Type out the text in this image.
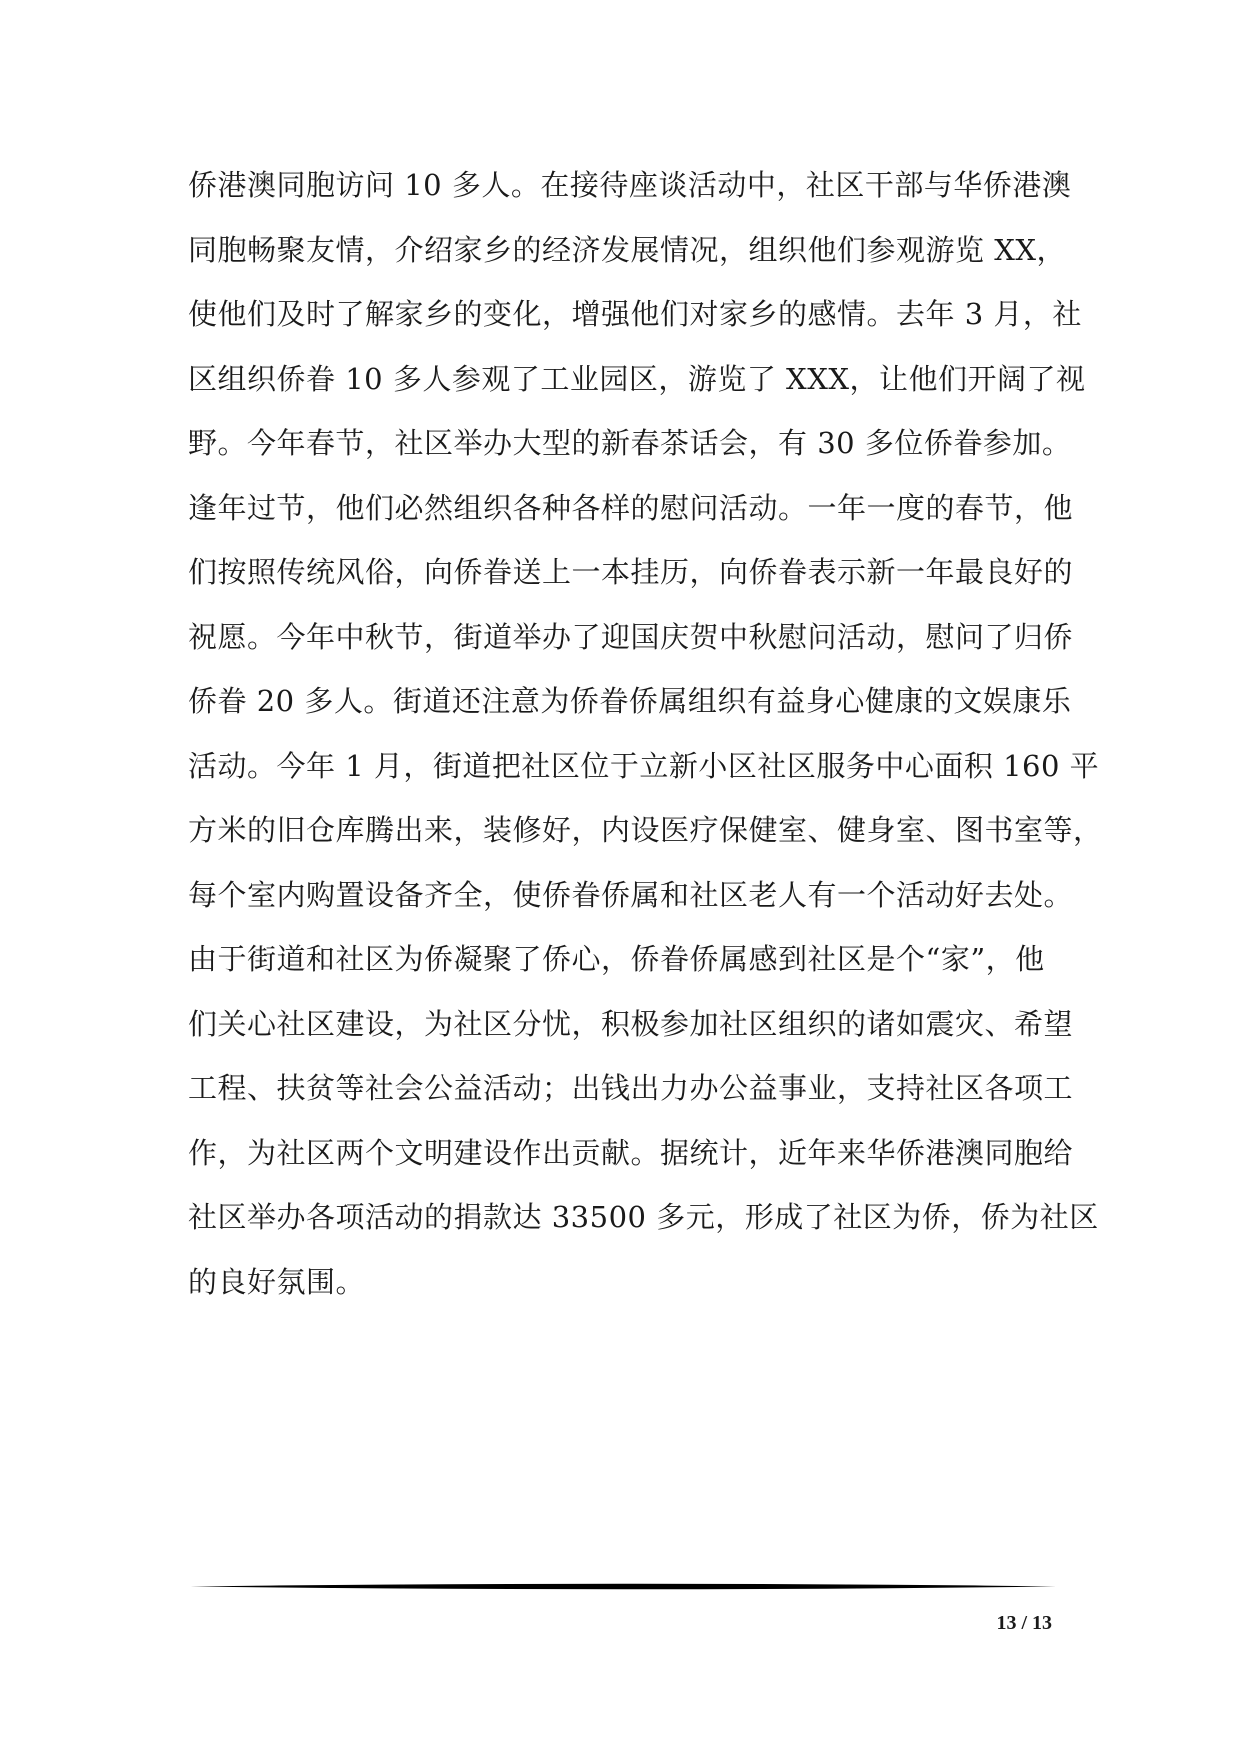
侨港澳同胞访问 10 多人。在接待座谈活动中，社区干部与华侨港澳
同胞畅聚友情，介绍家乡的经济发展情况，组织他们参观游览 XX，
使他们及时了解家乡的变化，增强他们对家乡的感情。去年 3 月，社
区组织侨眷 10 多人参观了工业园区，游览了 XXX，让他们开阔了视
野。今年春节，社区举办大型的新春茶话会，有 30 多位侨眷参加。
逢年过节，他们必然组织各种各样的慰问活动。一年一度的春节，他
们按照传统风俗，向侨眷送上一本挂历，向侨眷表示新一年最良好的
祝愿。今年中秋节，街道举办了迎国庆贺中秋慰问活动，慰问了归侨
侨眷 20 多人。街道还注意为侨眷侨属组织有益身心健康的文娱康乐
活动。今年 1 月，街道把社区位于立新小区社区服务中心面积 160 平
方米的旧仓库腾出来，装修好，内设医疗保健室、健身室、图书室等，
每个室内购置设备齐全，使侨眷侨属和社区老人有一个活动好去处。
由于街道和社区为侨凝聚了侨心，侨眷侨属感到社区是个“家”，他
们关心社区建设，为社区分忧，积极参加社区组织的诸如震灾、希望
工程、扶贫等社会公益活动；出钱出力办公益事业，支持社区各项工
作，为社区两个文明建设作出贡献。据统计，近年来华侨港澳同胞给
社区举办各项活动的捐款达 33500 多元，形成了社区为侨，侨为社区
的良好氛围。
13 / 13
